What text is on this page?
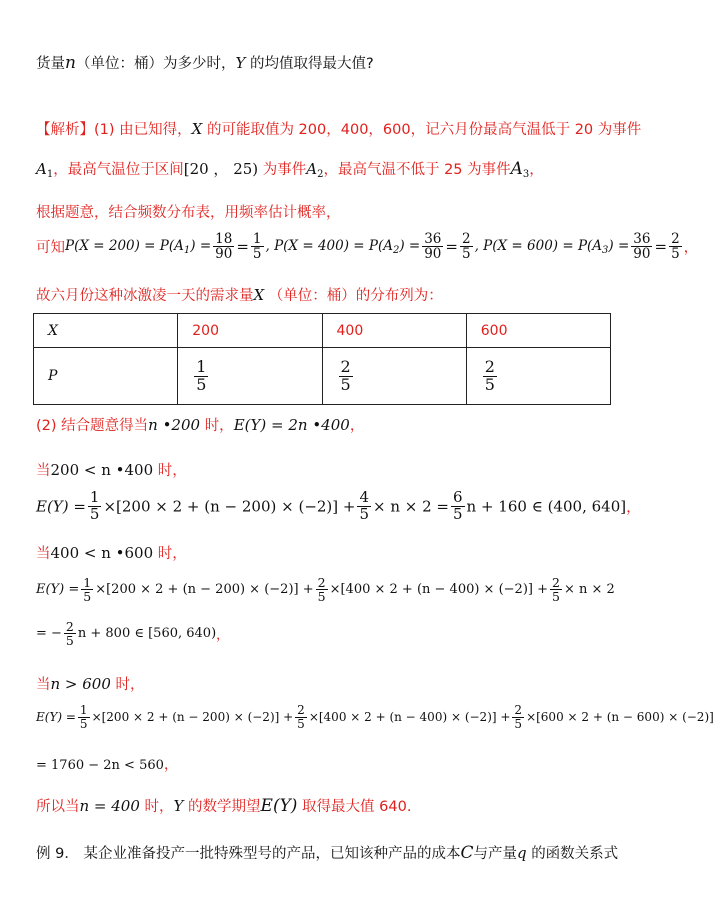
货量n（单位：桶）为多少时，Y 的均值取得最大值?
【解析】(1) 由已知得，X 的可能取值为 200，400，600，记六月份最高气温低于 20 为事件
$A_1$，最高气温位于区间[20 ， 25) 为事件$A_2$，最高气温不低于 25 为事件$A_3$，
根据题意，结合频数分布表，用频率估计概率，
可知$P(X = 200) = P(A_1) = \frac{18}{90} = \frac{1}{5}$ , $P(X = 400) = P(A_2) = \frac{36}{90} = \frac{2}{5}$ , $P(X = 600) = P(A_3) = \frac{36}{90} = \frac{2}{5}$ ，
故六月份这种冰激凌一天的需求量X （单位：桶）的分布列为：
X	200	400	600
P	$\frac{1}{5}$	$\frac{2}{5}$	$\frac{2}{5}$
(2) 结合题意得当n •200 时，E(Y) = 2n •400，
当200 < n •400 时，
$E(Y) = \frac{1}{5} \times[200 \times 2 + (n - 200) \times (-2)] + \frac{4}{5} \times n \times 2 = \frac{6}{5}$ n + 160 ∈ (400, 640]，
当400 < n •600 时，
$E(Y) = \frac{1}{5} \times[200 \times 2 + (n - 200) \times (-2)] + \frac{2}{5} \times[400 \times 2 + (n - 400) \times (-2)] + \frac{2}{5} \times n \times 2$
= − $\frac{2}{5}$ n + 800 ∈ [560, 640)，
当n > 600 时，
$E(Y) = \frac{1}{5} \times[200 \times 2 + (n - 200) \times (-2)] + \frac{2}{5} \times[400 \times 2 + (n - 400) \times (-2)] + \frac{2}{5} \times[600 \times 2 + (n - 600) \times (-2)]$
= 1760 − 2n < 560，
所以当n = 400 时，Y 的数学期望E(Y) 取得最大值 640.
例 9． 某企业准备投产一批特殊型号的产品，已知该种产品的成本C与产量q 的函数关系式
